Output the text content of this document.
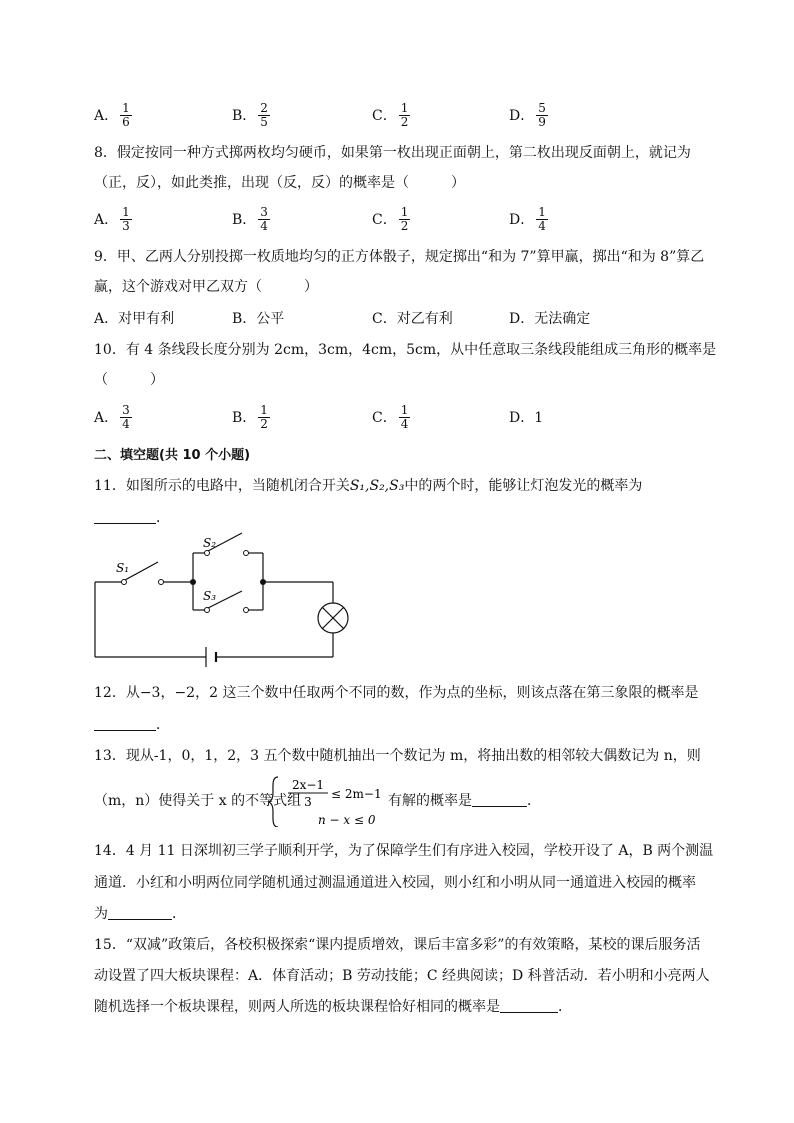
A． $\frac{1}{6}$	B． $\frac{2}{5}$	C． $\frac{1}{2}$	D． $\frac{5}{9}$
8．假定按同一种方式掷两枚均匀硬币，如果第一枚出现正面朝上，第二枚出现反面朝上，就记为
（正，反），如此类推，出现（反，反）的概率是（　　　）
A． $\frac{1}{3}$	B． $\frac{3}{4}$	C． $\frac{1}{2}$	D． $\frac{1}{4}$
9．甲、乙两人分别投掷一枚质地均匀的正方体骰子，规定掷出“和为 7”算甲赢，掷出“和为 8”算乙
赢，这个游戏对甲乙双方（　　　）
A．对甲有利	B．公平	C．对乙有利	D．无法确定
10．有 4 条线段长度分别为 2cm，3cm，4cm，5cm，从中任意取三条线段能组成三角形的概率是
（　　　）
A． $\frac{3}{4}$	B． $\frac{1}{2}$	C． $\frac{1}{4}$	D．1
二、填空题(共 10 个小题)
11．如图所示的电路中，当随机闭合开关S₁,S₂,S₃中的两个时，能够让灯泡发光的概率为
．
S₁
S₂
S₃
12．从−3，−2，2 这三个数中任取两个不同的数，作为点的坐标，则该点落在第三象限的概率是
．
13．现从-1，0，1，2，3 五个数中随机抽出一个数记为 m，将抽出数的相邻较大偶数记为 n，则
（m，n）使得关于 x 的不等式组
2x−1
3
≤ 2m−1
n − x ≤ 0
有解的概率是	．
14．4 月 11 日深圳初三学子顺利开学，为了保障学生们有序进入校园，学校开设了 A，B 两个测温
通道．小红和小明两位同学随机通过测温通道进入校园，则小红和小明从同一通道进入校园的概率
为	．
15．“双减”政策后，各校积极探索“课内提质增效，课后丰富多彩”的有效策略，某校的课后服务活
动设置了四大板块课程：A．体育活动；B 劳动技能；C 经典阅读；D 科普活动．若小明和小亮两人
随机选择一个板块课程，则两人所选的板块课程恰好相同的概率是	．
